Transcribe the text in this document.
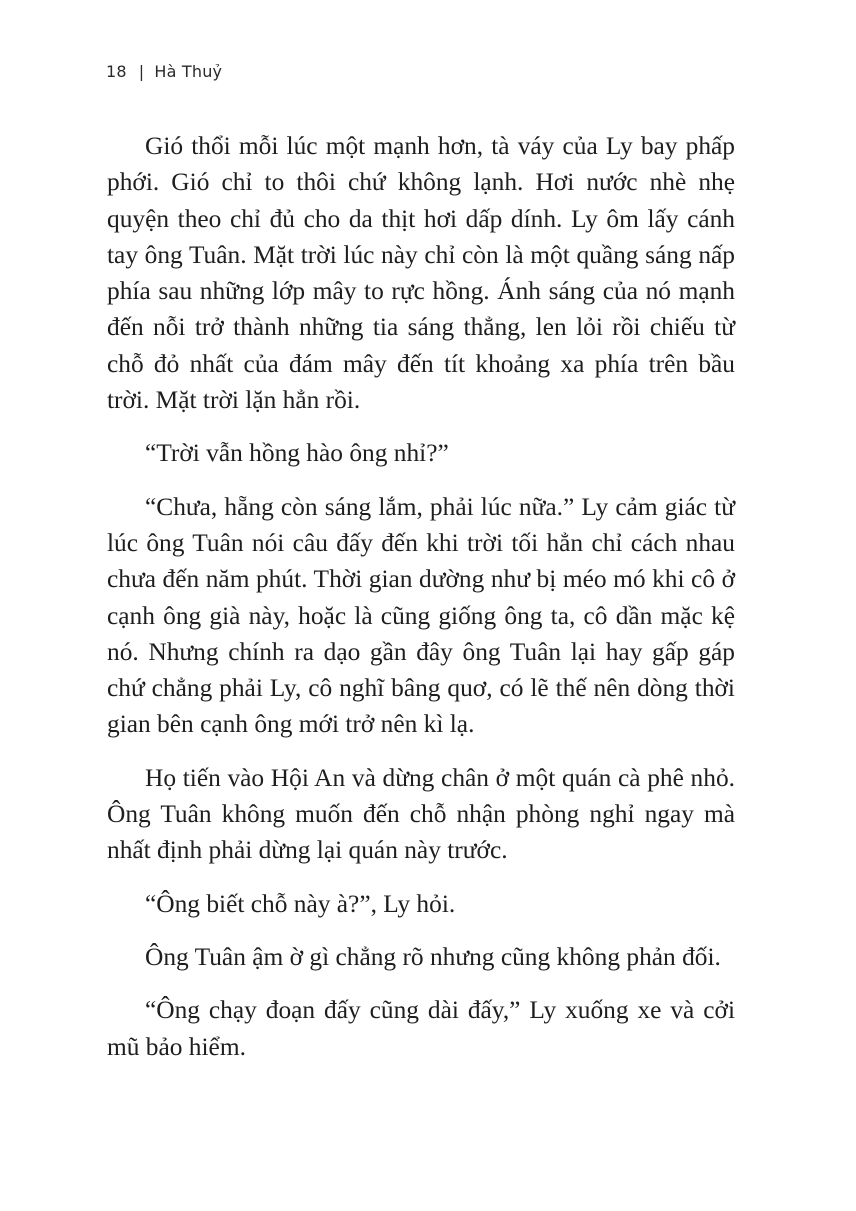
18 | Hà Thuỷ

Gió thổi mỗi lúc một mạnh hơn, tà váy của Ly bay phấp phới. Gió chỉ to thôi chứ không lạnh. Hơi nước nhè nhẹ quyện theo chỉ đủ cho da thịt hơi dấp dính. Ly ôm lấy cánh tay ông Tuân. Mặt trời lúc này chỉ còn là một quầng sáng nấp phía sau những lớp mây to rực hồng. Ánh sáng của nó mạnh đến nỗi trở thành những tia sáng thẳng, len lỏi rồi chiếu từ chỗ đỏ nhất của đám mây đến tít khoảng xa phía trên bầu trời. Mặt trời lặn hẳn rồi.

“Trời vẫn hồng hào ông nhỉ?”

“Chưa, hẵng còn sáng lắm, phải lúc nữa.” Ly cảm giác từ lúc ông Tuân nói câu đấy đến khi trời tối hẳn chỉ cách nhau chưa đến năm phút. Thời gian dường như bị méo mó khi cô ở cạnh ông già này, hoặc là cũng giống ông ta, cô dần mặc kệ nó. Nhưng chính ra dạo gần đây ông Tuân lại hay gấp gáp chứ chẳng phải Ly, cô nghĩ bâng quơ, có lẽ thế nên dòng thời gian bên cạnh ông mới trở nên kì lạ.

Họ tiến vào Hội An và dừng chân ở một quán cà phê nhỏ. Ông Tuân không muốn đến chỗ nhận phòng nghỉ ngay mà nhất định phải dừng lại quán này trước.

“Ông biết chỗ này à?”, Ly hỏi.

Ông Tuân ậm ờ gì chẳng rõ nhưng cũng không phản đối.

“Ông chạy đoạn đấy cũng dài đấy,” Ly xuống xe và cởi mũ bảo hiểm.
